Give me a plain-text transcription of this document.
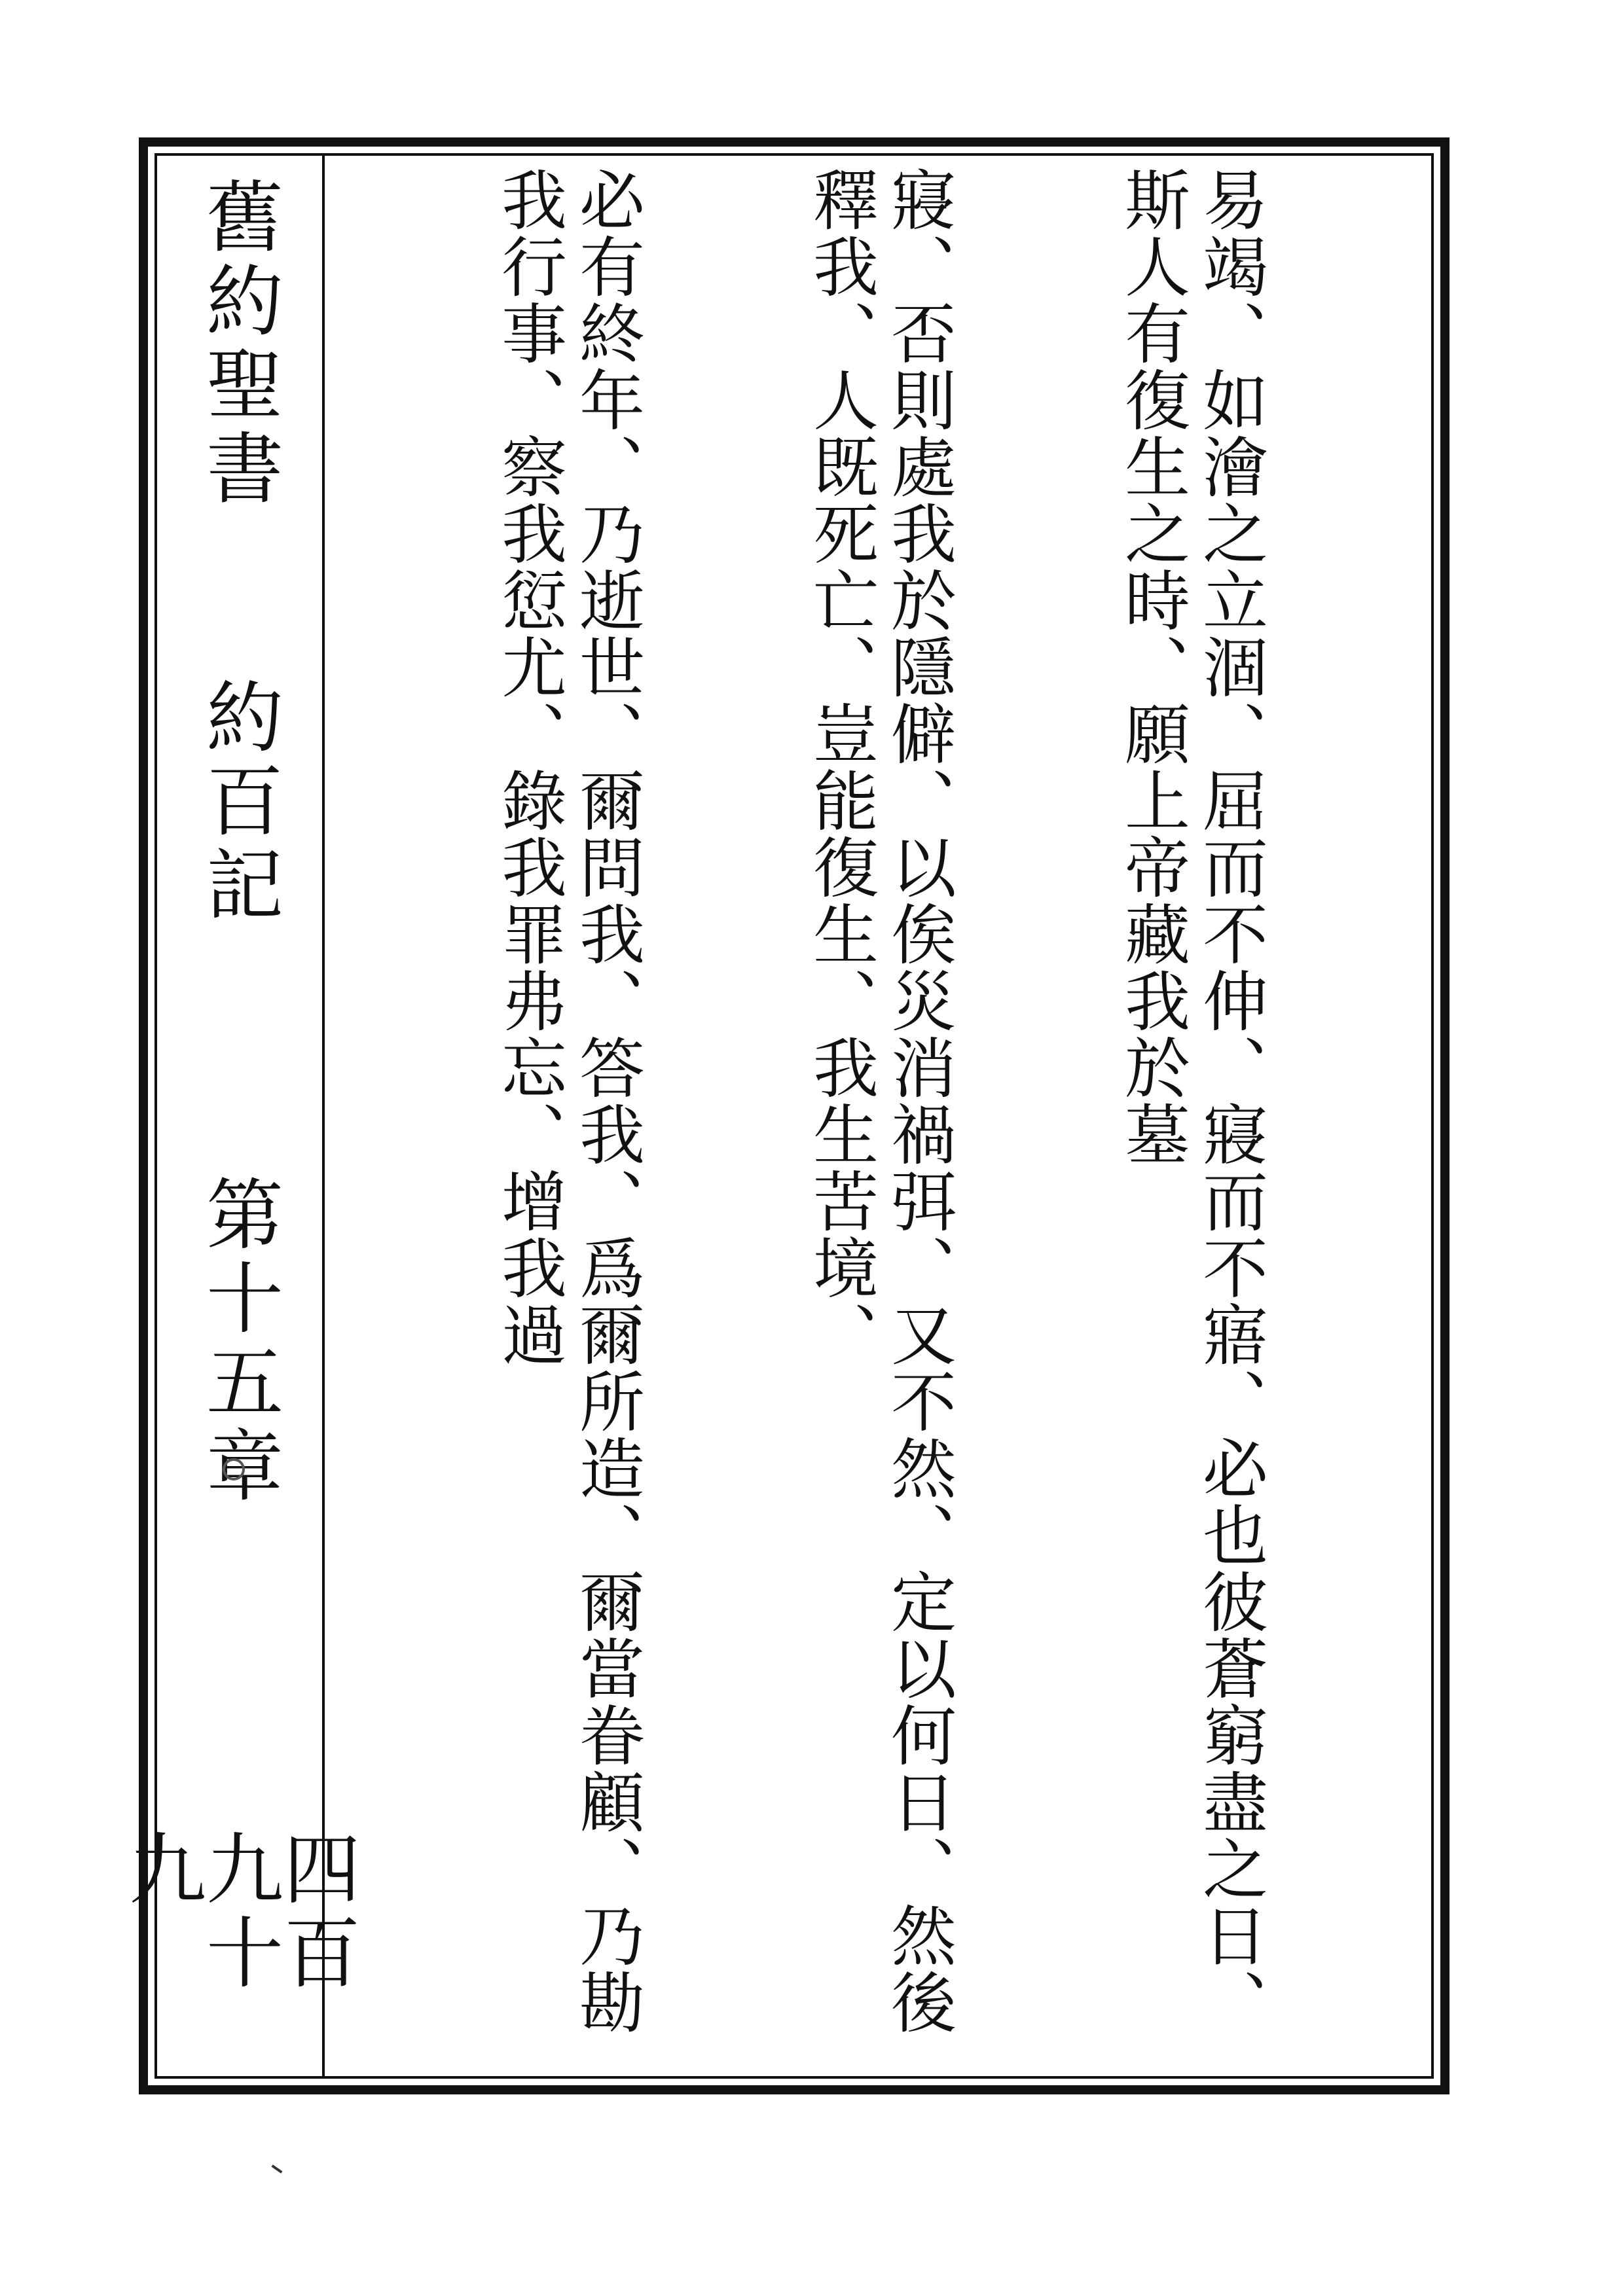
舊約聖書
約百記
第十五章
四百九十九

	易竭、如澮之立涸、屈而不伸、寢而不寤、必也彼蒼窮盡之日、斯人有復生之時、願上帝藏我於墓

寢、否則處我於隱僻、以俟災消禍弭、又不然、定以何日、然後釋我、人既死亡、豈能復生、我生苦境、

必有終年、乃逝世、爾問我、答我、爲爾所造、爾當眷顧、乃勘我行事、察我愆尤、錄我罪弗忘、增我過
